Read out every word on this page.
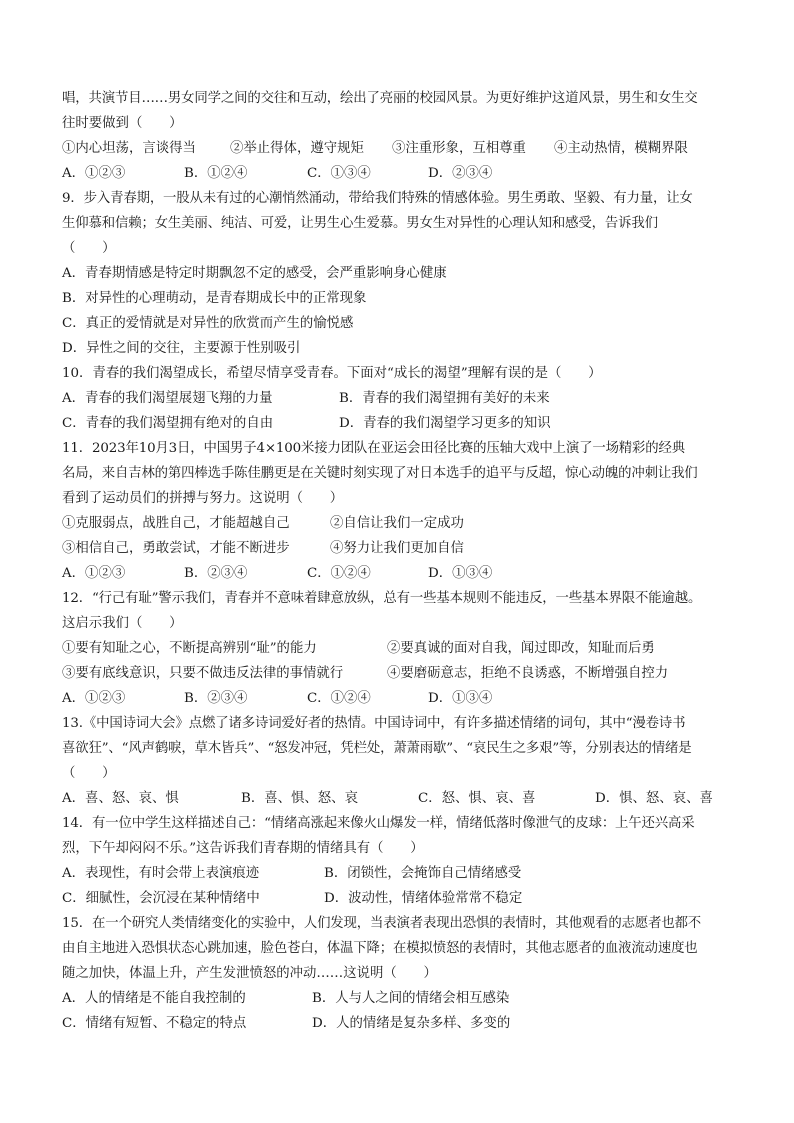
唱，共演节目……男女同学之间的交往和互动，绘出了亮丽的校园风景。为更好维护这道风景，男生和女生交
往时要做到（　　）
①内心坦荡，言谈得当	②举止得体，遵守规矩 ③注重形象，互相尊重 ④主动热情，模糊界限
A．①②③	B．①②④	C．①③④	D．②③④
9．步入青春期，一股从未有过的心潮悄然涌动，带给我们特殊的情感体验。男生勇敢、坚毅、有力量，让女
生仰慕和信赖；女生美丽、纯洁、可爱，让男生心生爱慕。男女生对异性的心理认知和感受，告诉我们
（　　）
A．青春期情感是特定时期飘忽不定的感受，会严重影响身心健康
B．对异性的心理萌动，是青春期成长中的正常现象
C．真正的爱情就是对异性的欣赏而产生的愉悦感
D．异性之间的交往，主要源于性别吸引
10．青春的我们渴望成长，希望尽情享受青春。下面对“成长的渴望”理解有误的是（　　）
A．青春的我们渴望展翅飞翔的力量	B．青春的我们渴望拥有美好的未来
C．青春的我们渴望拥有绝对的自由	D．青春的我们渴望学习更多的知识
11．2023年10月3日，中国男子4×100米接力团队在亚运会田径比赛的压轴大戏中上演了一场精彩的经典
名局，来自吉林的第四棒选手陈佳鹏更是在关键时刻实现了对日本选手的追平与反超，惊心动魄的冲刺让我们
看到了运动员们的拼搏与努力。这说明（　　）
①克服弱点，战胜自己，才能超越自己	②自信让我们一定成功
③相信自己，勇敢尝试，才能不断进步	④努力让我们更加自信
A．①②③	B．②③④	C．①②④	D．①③④
12．“行己有耻”警示我们，青春并不意味着肆意放纵，总有一些基本规则不能违反，一些基本界限不能逾越。
这启示我们（　　）
①要有知耻之心，不断提高辨别“耻”的能力	②要真诚的面对自我，闻过即改，知耻而后勇
③要有底线意识，只要不做违反法律的事情就行	④要磨砺意志，拒绝不良诱惑，不断增强自控力
A．①②③	B．②③④	C．①②④	D．①③④
13.《中国诗词大会》点燃了诸多诗词爱好者的热情。中国诗词中，有许多描述情绪的词句，其中“漫卷诗书
喜欲狂”、“风声鹤唳，草木皆兵”、“怒发冲冠，凭栏处，萧萧雨歇”、“哀民生之多艰”等，分别表达的情绪是
（　　）
A．喜、怒、哀、惧	B．喜、惧、怒、哀	C．怒、惧、哀、喜	D．惧、怒、哀、喜
14．有一位中学生这样描述自己：“情绪高涨起来像火山爆发一样，情绪低落时像泄气的皮球：上午还兴高采
烈，下午却闷闷不乐。”这告诉我们青春期的情绪具有（　　）
A．表现性，有时会带上表演痕迹	B．闭锁性，会掩饰自己情绪感受
C．细腻性，会沉浸在某种情绪中	D．波动性，情绪体验常常不稳定
15．在一个研究人类情绪变化的实验中，人们发现，当表演者表现出恐惧的表情时，其他观看的志愿者也都不
由自主地进入恐惧状态心跳加速，脸色苍白，体温下降；在模拟愤怒的表情时，其他志愿者的血液流动速度也
随之加快，体温上升，产生发泄愤怒的冲动……这说明（　　）
A．人的情绪是不能自我控制的	B．人与人之间的情绪会相互感染
C．情绪有短暂、不稳定的特点	D．人的情绪是复杂多样、多变的
